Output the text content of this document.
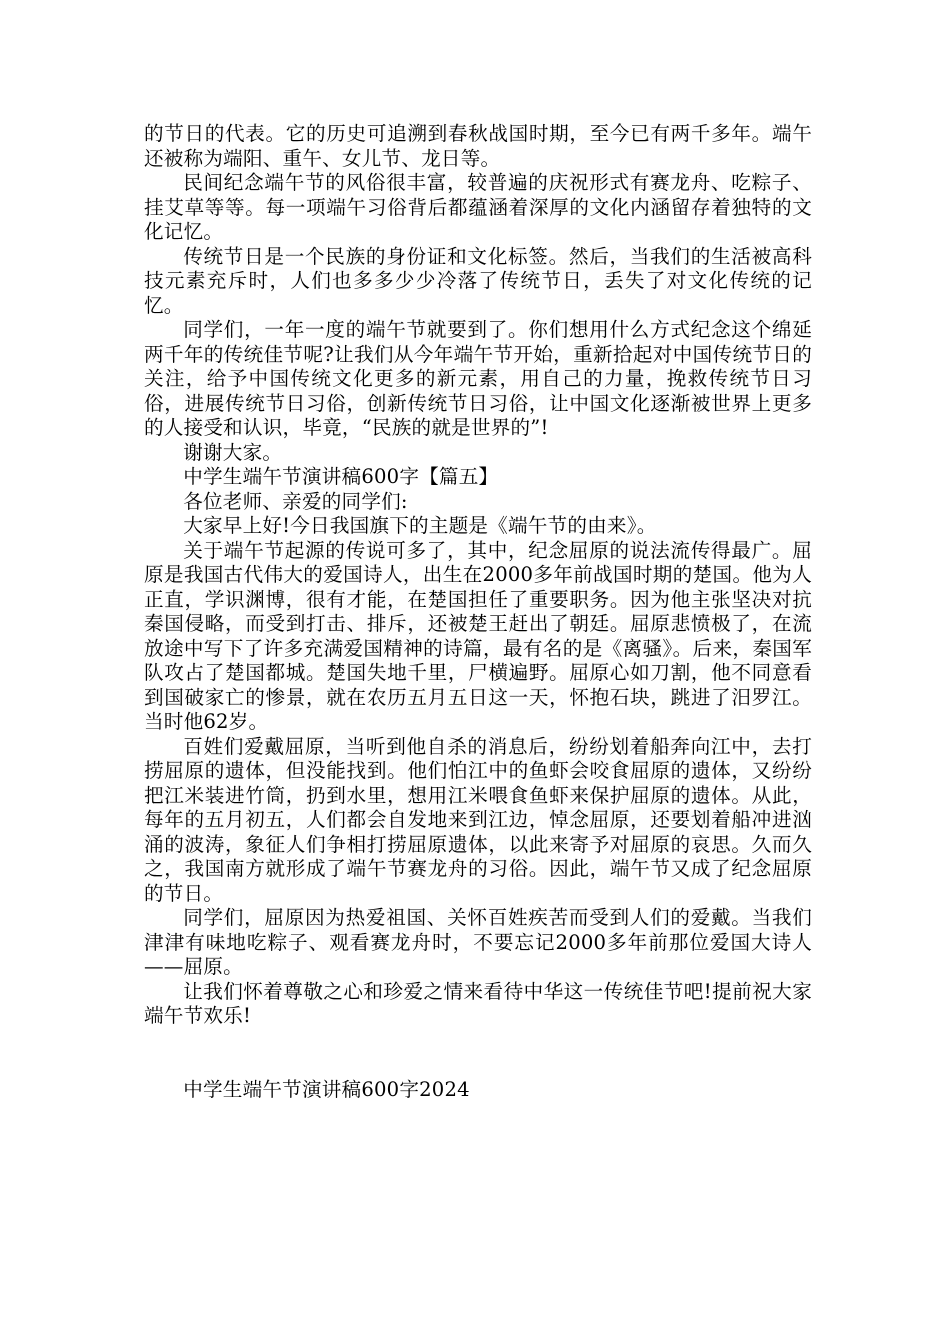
的节日的代表。它的历史可追溯到春秋战国时期，至今已有两千多年。端午还被称为端阳、重午、女儿节、龙日等。

民间纪念端午节的风俗很丰富，较普遍的庆祝形式有赛龙舟、吃粽子、挂艾草等等。每一项端午习俗背后都蕴涵着深厚的文化内涵留存着独特的文化记忆。

传统节日是一个民族的身份证和文化标签。然后，当我们的生活被高科技元素充斥时，人们也多多少少冷落了传统节日，丢失了对文化传统的记忆。

同学们，一年一度的端午节就要到了。你们想用什么方式纪念这个绵延两千年的传统佳节呢?让我们从今年端午节开始，重新拾起对中国传统节日的关注，给予中国传统文化更多的新元素，用自己的力量，挽救传统节日习俗，进展传统节日习俗，创新传统节日习俗，让中国文化逐渐被世界上更多的人接受和认识，毕竟，“民族的就是世界的”!

谢谢大家。

中学生端午节演讲稿600字【篇五】

各位老师、亲爱的同学们:

大家早上好!今日我国旗下的主题是《端午节的由来》。

关于端午节起源的传说可多了，其中，纪念屈原的说法流传得最广。屈原是我国古代伟大的爱国诗人，出生在2000多年前战国时期的楚国。他为人正直，学识渊博，很有才能，在楚国担任了重要职务。因为他主张坚决对抗秦国侵略，而受到打击、排斥，还被楚王赶出了朝廷。屈原悲愤极了，在流放途中写下了许多充满爱国精神的诗篇，最有名的是《离骚》。后来，秦国军队攻占了楚国都城。楚国失地千里，尸横遍野。屈原心如刀割，他不同意看到国破家亡的惨景，就在农历五月五日这一天，怀抱石块，跳进了汨罗江。当时他62岁。

百姓们爱戴屈原，当听到他自杀的消息后，纷纷划着船奔向江中，去打捞屈原的遗体，但没能找到。他们怕江中的鱼虾会咬食屈原的遗体，又纷纷把江米装进竹筒，扔到水里，想用江米喂食鱼虾来保护屈原的遗体。从此，每年的五月初五，人们都会自发地来到江边，悼念屈原，还要划着船冲进汹涌的波涛，象征人们争相打捞屈原遗体，以此来寄予对屈原的哀思。久而久之，我国南方就形成了端午节赛龙舟的习俗。因此，端午节又成了纪念屈原的节日。

同学们，屈原因为热爱祖国、关怀百姓疾苦而受到人们的爱戴。当我们津津有味地吃粽子、观看赛龙舟时，不要忘记2000多年前那位爱国大诗人——屈原。

让我们怀着尊敬之心和珍爱之情来看待中华这一传统佳节吧!提前祝大家端午节欢乐!

中学生端午节演讲稿600字2024
